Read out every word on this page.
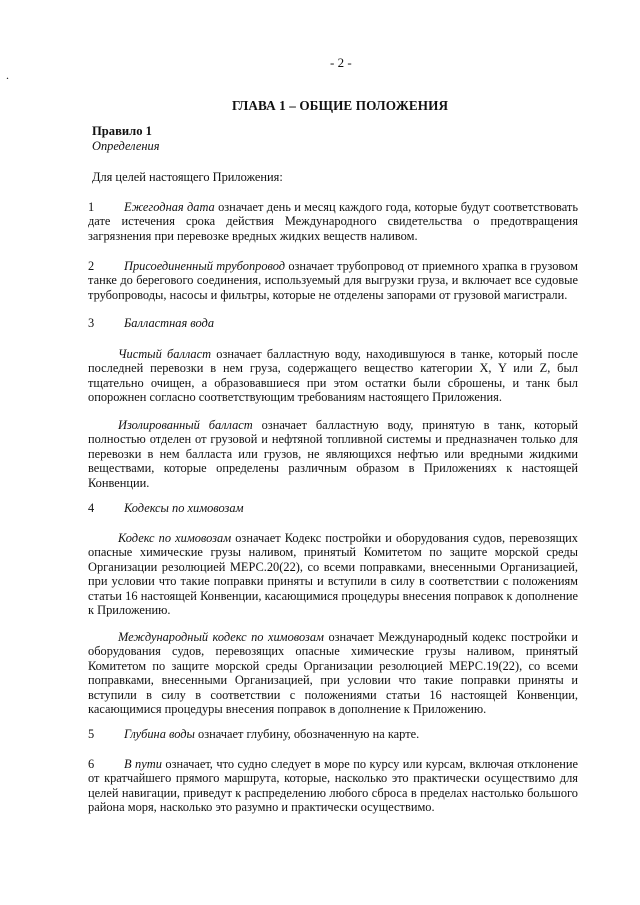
.
- 2 -
ГЛАВА 1 – ОБЩИЕ ПОЛОЖЕНИЯ
Правило 1
Определения
Для целей настоящего Приложения:

1 Ежегодная дата означает день и месяц каждого года, которые будут соответствовать дате истечения срока действия Международного свидетельства о предотвращения загрязнения при перевозке вредных жидких веществ наливом.

2 Присоединенный трубопровод означает трубопровод от приемного храпка в грузовом танке до берегового соединения, используемый для выгрузки груза, и включает все судовые трубопроводы, насосы и фильтры, которые не отделены запорами от грузовой магистрали.

3 Балластная вода

Чистый балласт означает балластную воду, находившуюся в танке, который после последней перевозки в нем груза, содержащего вещество категории X, Y или Z, был тщательно очищен, а образовавшиеся при этом остатки были сброшены, и танк был опорожнен согласно соответствующим требованиям настоящего Приложения.

Изолированный балласт означает балластную воду, принятую в танк, который полностью отделен от грузовой и нефтяной топливной системы и предназначен только для перевозки в нем балласта или грузов, не являющихся нефтью или вредными жидкими веществами, которые определены различным образом в Приложениях к настоящей Конвенции.

4 Кодексы по химовозам

Кодекс по химовозам означает Кодекс постройки и оборудования судов, перевозящих опасные химические грузы наливом, принятый Комитетом по защите морской среды Организации резолюцией МЕРС.20(22), со всеми поправками, внесенными Организацией, при условии что такие поправки приняты и вступили в силу в соответствии с положениям статьи 16 настоящей Конвенции, касающимися процедуры внесения поправок к дополнение к Приложению.

Международный кодекс по химовозам означает Международный кодекс постройки и оборудования судов, перевозящих опасные химические грузы наливом, принятый Комитетом по защите морской среды Организации резолюцией МЕРС.19(22), со всеми поправками, внесенными Организацией, при условии что такие поправки приняты и вступили в силу в соответствии с положениями статьи 16 настоящей Конвенции, касающимися процедуры внесения поправок в дополнение к Приложению.

5 Глубина воды означает глубину, обозначенную на карте.

6 В пути означает, что судно следует в море по курсу или курсам, включая отклонение от кратчайшего прямого маршрута, которые, насколько это практически осуществимо для целей навигации, приведут к распределению любого сброса в пределах настолько большого района моря, насколько это разумно и практически осуществимо.
